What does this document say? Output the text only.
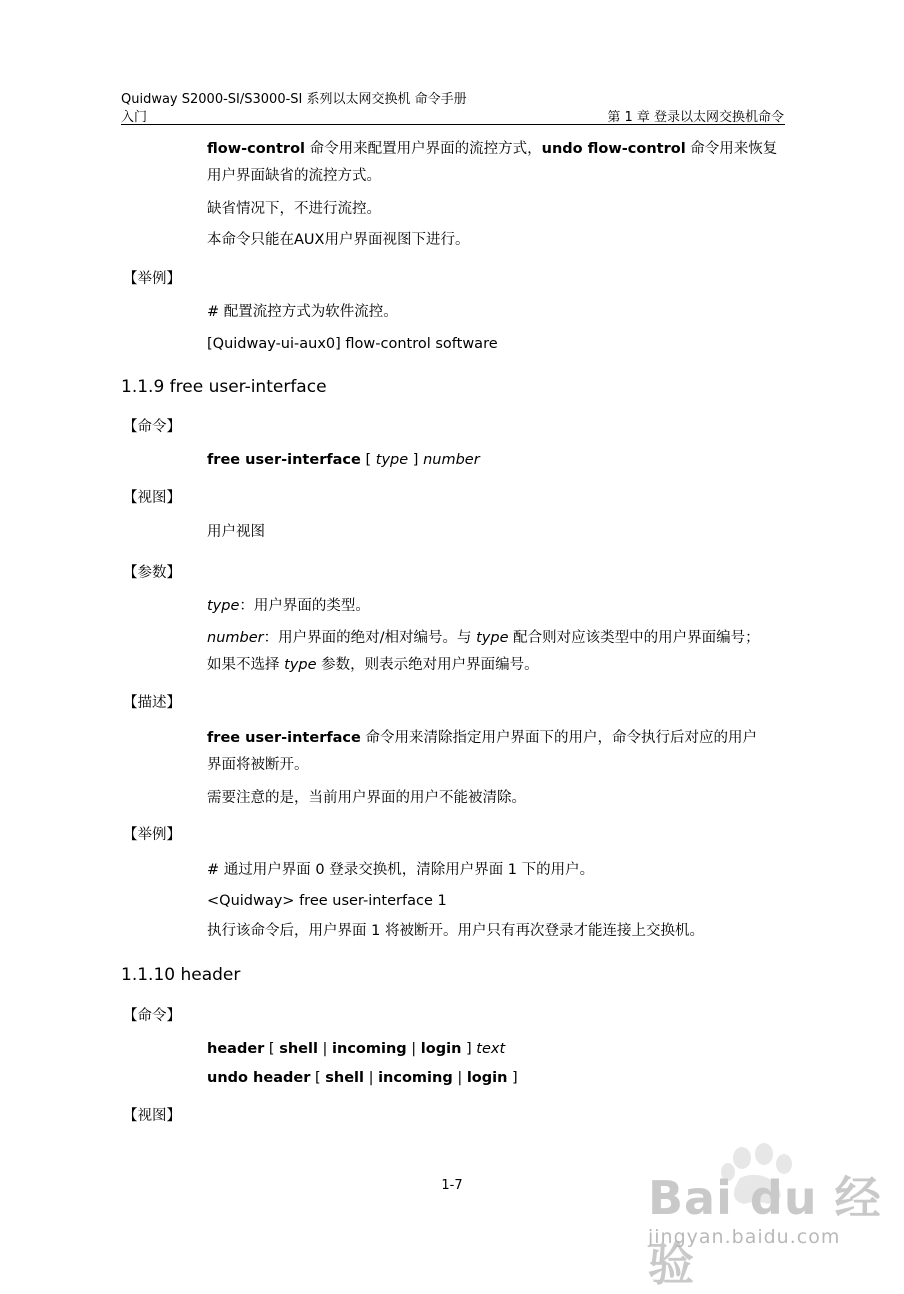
Quidway S2000-SI/S3000-SI 系列以太网交换机 命令手册
入门	第 1 章 登录以太网交换机命令
flow-control 命令用来配置用户界面的流控方式，undo flow-control 命令用来恢复
用户界面缺省的流控方式。
缺省情况下，不进行流控。
本命令只能在AUX用户界面视图下进行。
【举例】
# 配置流控方式为软件流控。
[Quidway-ui-aux0] flow-control software
1.1.9 free user-interface
【命令】
free user-interface [ type ] number
【视图】
用户视图
【参数】
type：用户界面的类型。
number：用户界面的绝对/相对编号。与 type 配合则对应该类型中的用户界面编号；
如果不选择 type 参数，则表示绝对用户界面编号。
【描述】
free user-interface 命令用来清除指定用户界面下的用户，命令执行后对应的用户
界面将被断开。
需要注意的是，当前用户界面的用户不能被清除。
【举例】
# 通过用户界面 0 登录交换机，清除用户界面 1 下的用户。
<Quidway> free user-interface 1
执行该命令后，用户界面 1 将被断开。用户只有再次登录才能连接上交换机。
1.1.10 header
【命令】
header [ shell | incoming | login ] text
undo header [ shell | incoming | login ]
【视图】
1-7	Bai du 经验
jingyan.baidu.com
